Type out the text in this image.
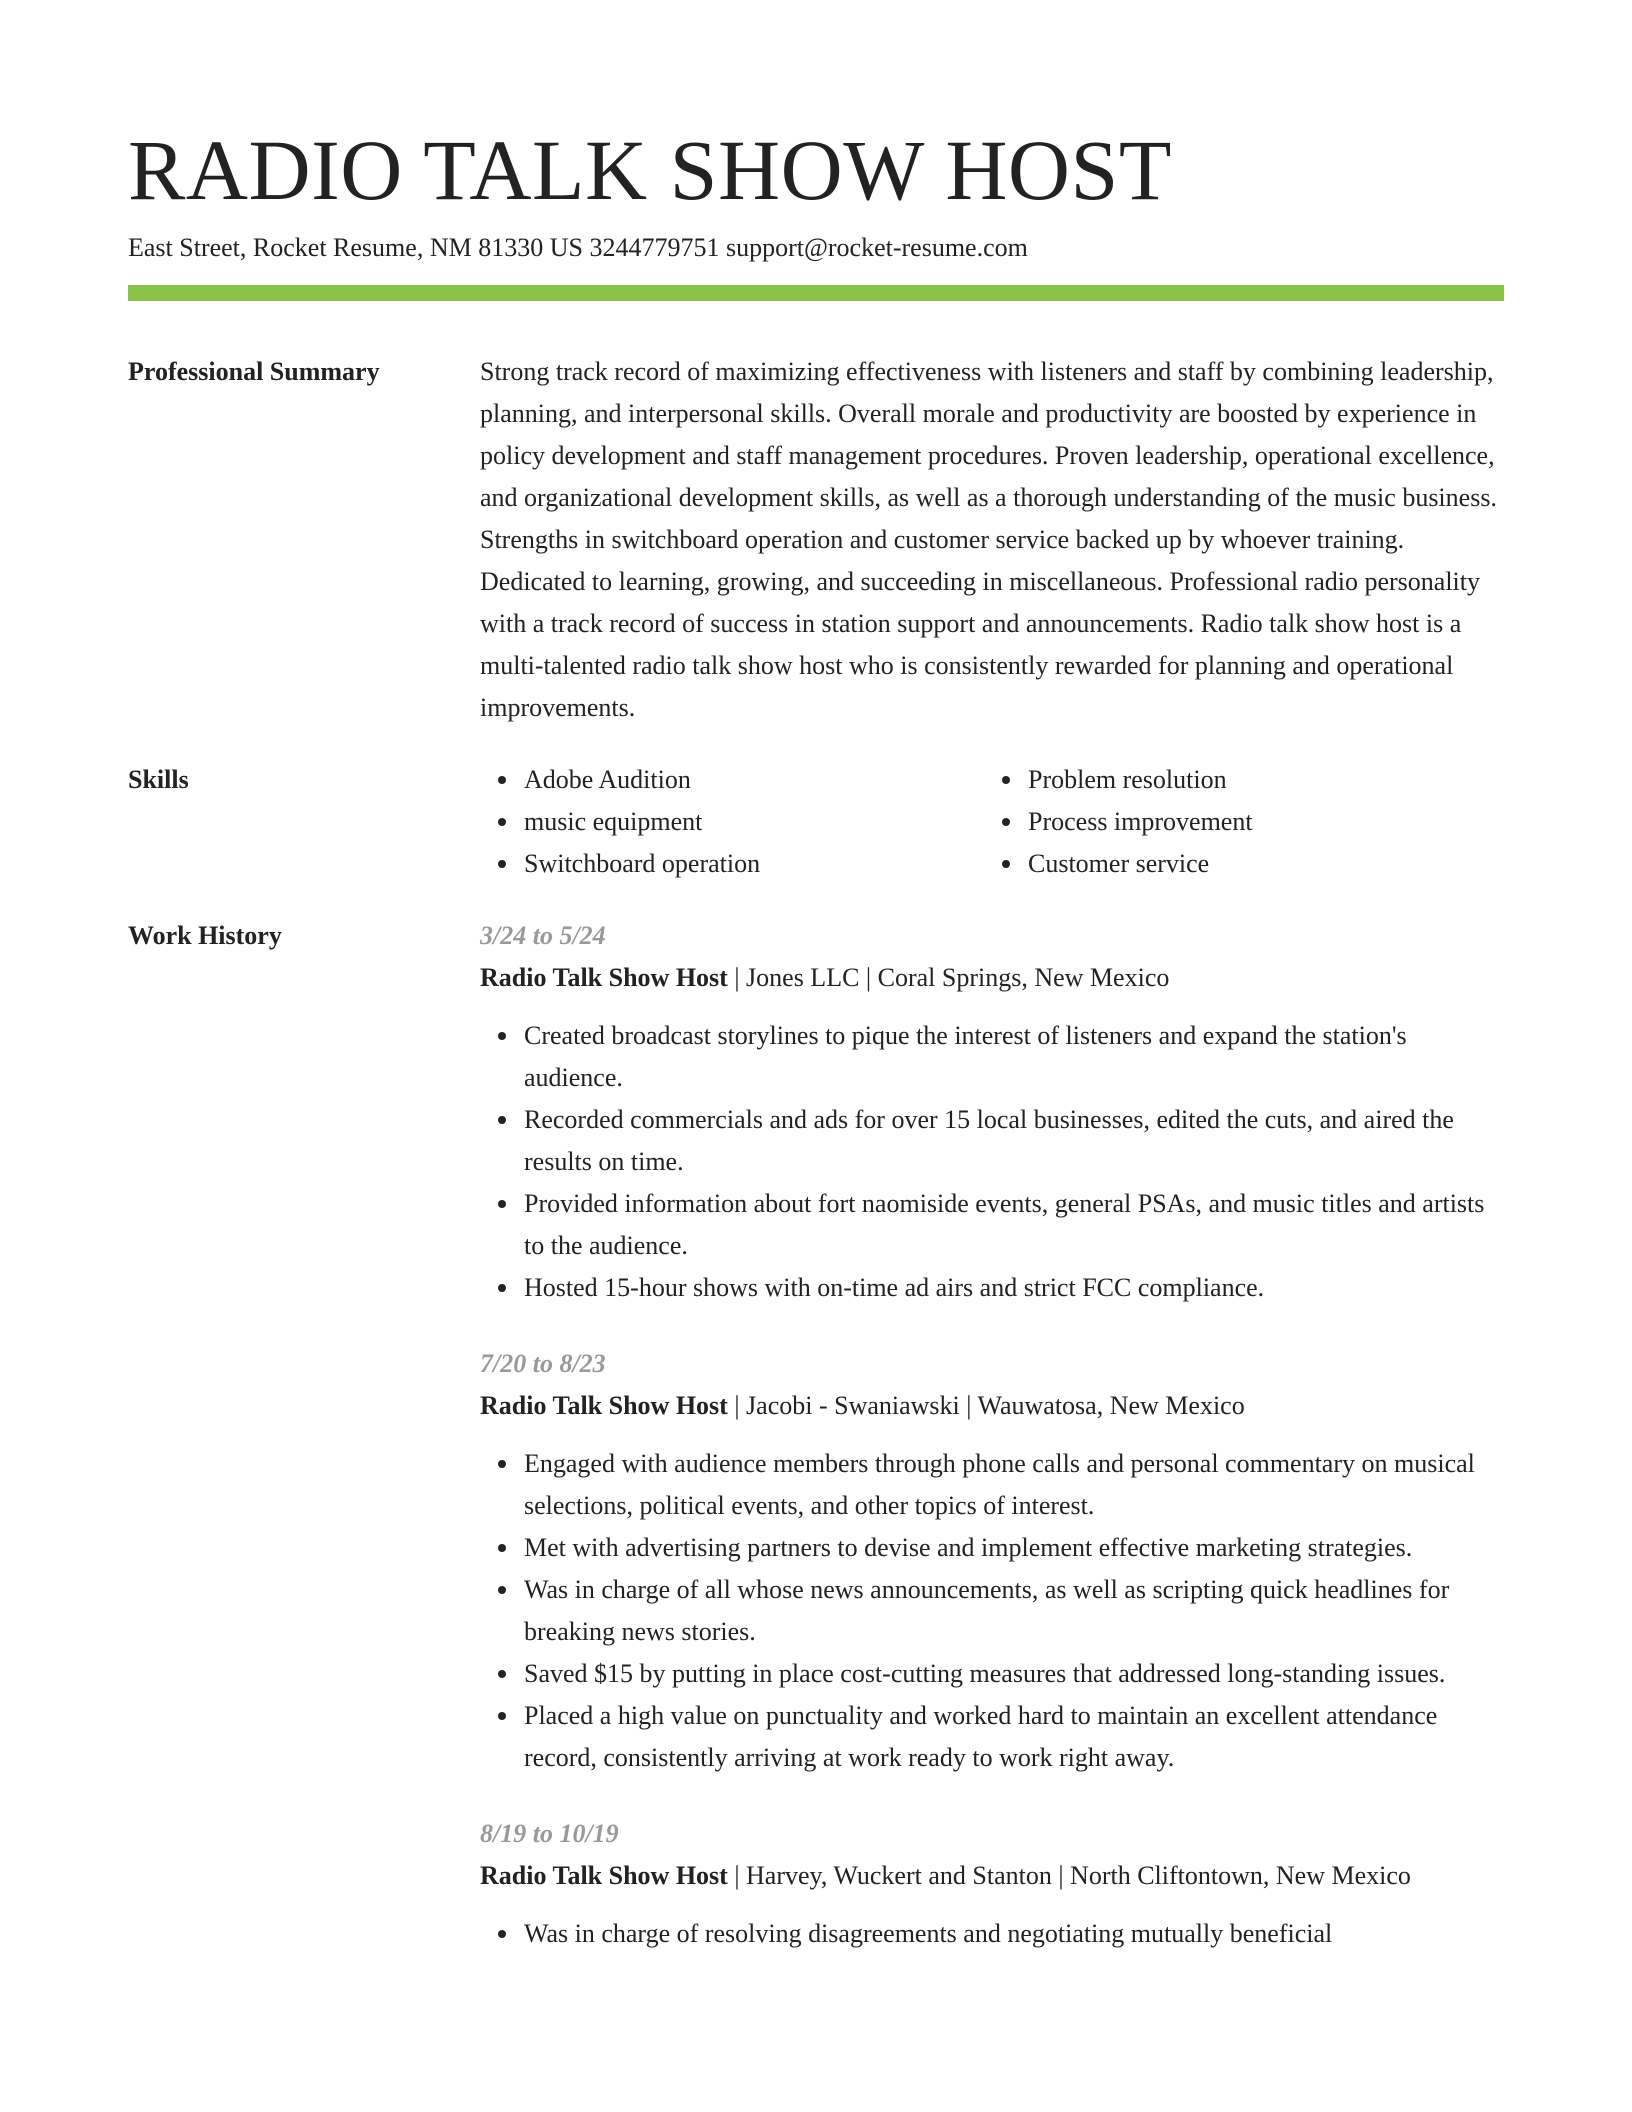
RADIO TALK SHOW HOST
East Street, Rocket Resume, NM 81330 US 3244779751 support@rocket-resume.com
Professional Summary	Strong track record of maximizing effectiveness with listeners and staff by combining leadership, planning, and interpersonal skills. Overall morale and productivity are boosted by experience in policy development and staff management procedures. Proven leadership, operational excellence, and organizational development skills, as well as a thorough understanding of the music business. Strengths in switchboard operation and customer service backed up by whoever training. Dedicated to learning, growing, and succeeding in miscellaneous. Professional radio personality with a track record of success in station support and announcements. Radio talk show host is a multi-talented radio talk show host who is consistently rewarded for planning and operational improvements.
Skills	Adobe Audition
music equipment
Switchboard operation
Problem resolution
Process improvement
Customer service
Work History	3/24 to 5/24
Radio Talk Show Host | Jones LLC | Coral Springs, New Mexico
Created broadcast storylines to pique the interest of listeners and expand the station's audience.
Recorded commercials and ads for over 15 local businesses, edited the cuts, and aired the results on time.
Provided information about fort naomiside events, general PSAs, and music titles and artists to the audience.
Hosted 15-hour shows with on-time ad airs and strict FCC compliance.
7/20 to 8/23
Radio Talk Show Host | Jacobi - Swaniawski | Wauwatosa, New Mexico
Engaged with audience members through phone calls and personal commentary on musical selections, political events, and other topics of interest.
Met with advertising partners to devise and implement effective marketing strategies.
Was in charge of all whose news announcements, as well as scripting quick headlines for breaking news stories.
Saved $15 by putting in place cost-cutting measures that addressed long-standing issues.
Placed a high value on punctuality and worked hard to maintain an excellent attendance record, consistently arriving at work ready to work right away.
8/19 to 10/19
Radio Talk Show Host | Harvey, Wuckert and Stanton | North Cliftontown, New Mexico
Was in charge of resolving disagreements and negotiating mutually beneficial
